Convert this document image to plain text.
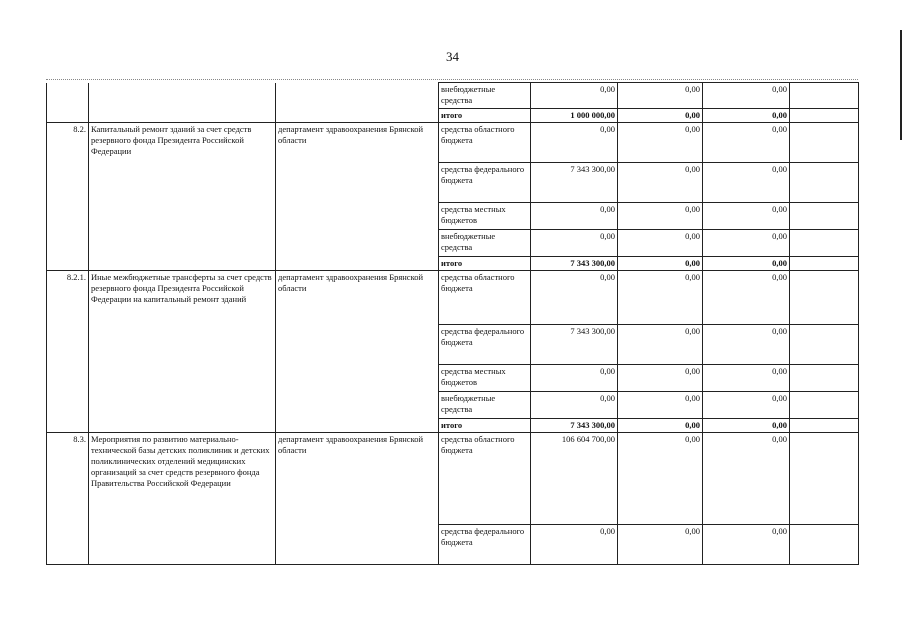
34
			внебюджетные средства	0,00	0,00	0,00	
			итого	1 000 000,00	0,00	0,00	
8.2.	Капитальный ремонт зданий за счет средств резервного фонда Президента Российской Федерации	департамент здравоохранения Брянской области	средства областного бюджета	0,00	0,00	0,00	
			средства федерального бюджета	7 343 300,00	0,00	0,00	
			средства местных бюджетов	0,00	0,00	0,00	
			внебюджетные средства	0,00	0,00	0,00	
			итого	7 343 300,00	0,00	0,00	
8.2.1.	Иные межбюджетные трансферты за счет средств резервного фонда Президента Российской Федерации на капитальный ремонт зданий	департамент здравоохранения Брянской области	средства областного бюджета	0,00	0,00	0,00	
			средства федерального бюджета	7 343 300,00	0,00	0,00	
			средства местных бюджетов	0,00	0,00	0,00	
			внебюджетные средства	0,00	0,00	0,00	
			итого	7 343 300,00	0,00	0,00	
8.3.	Мероприятия по развитию материально-технической базы детских поликлиник и детских поликлинических отделений медицинских организаций за счет средств резервного фонда Правительства Российской Федерации	департамент здравоохранения Брянской области	средства областного бюджета	106 604 700,00	0,00	0,00	
			средства федерального бюджета	0,00	0,00	0,00	
